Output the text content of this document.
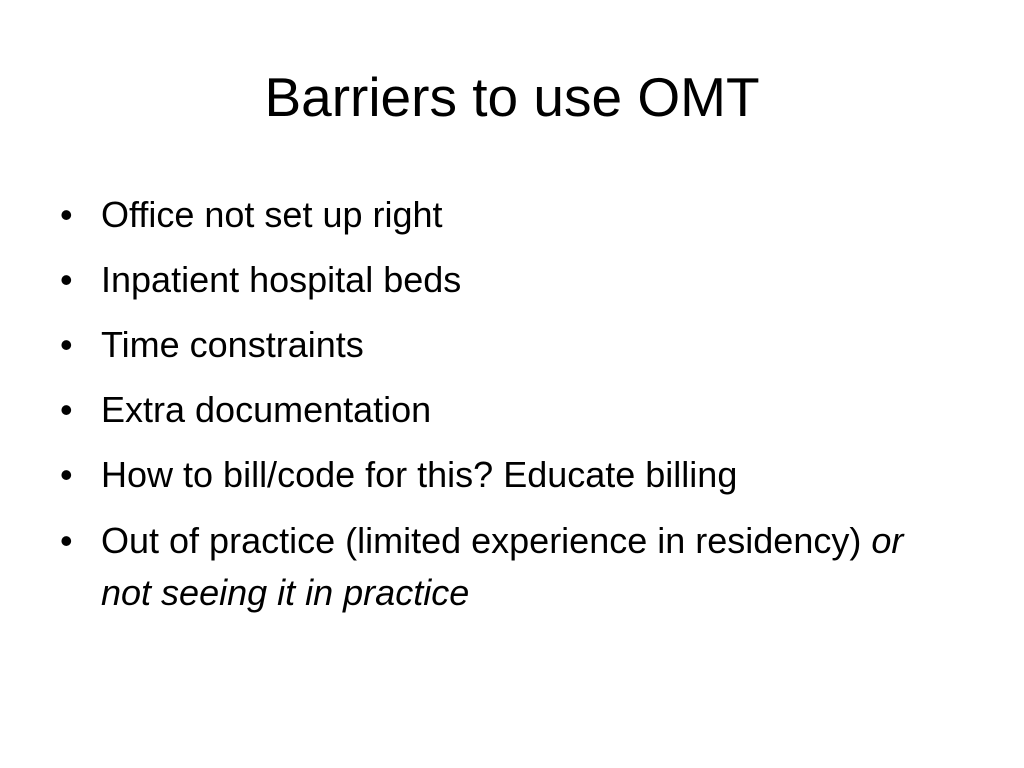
Barriers to use OMT
• Office not set up right
• Inpatient hospital beds
• Time constraints
• Extra documentation
• How to bill/code for this? Educate billing
• Out of practice (limited experience in residency) or not seeing it in practice
